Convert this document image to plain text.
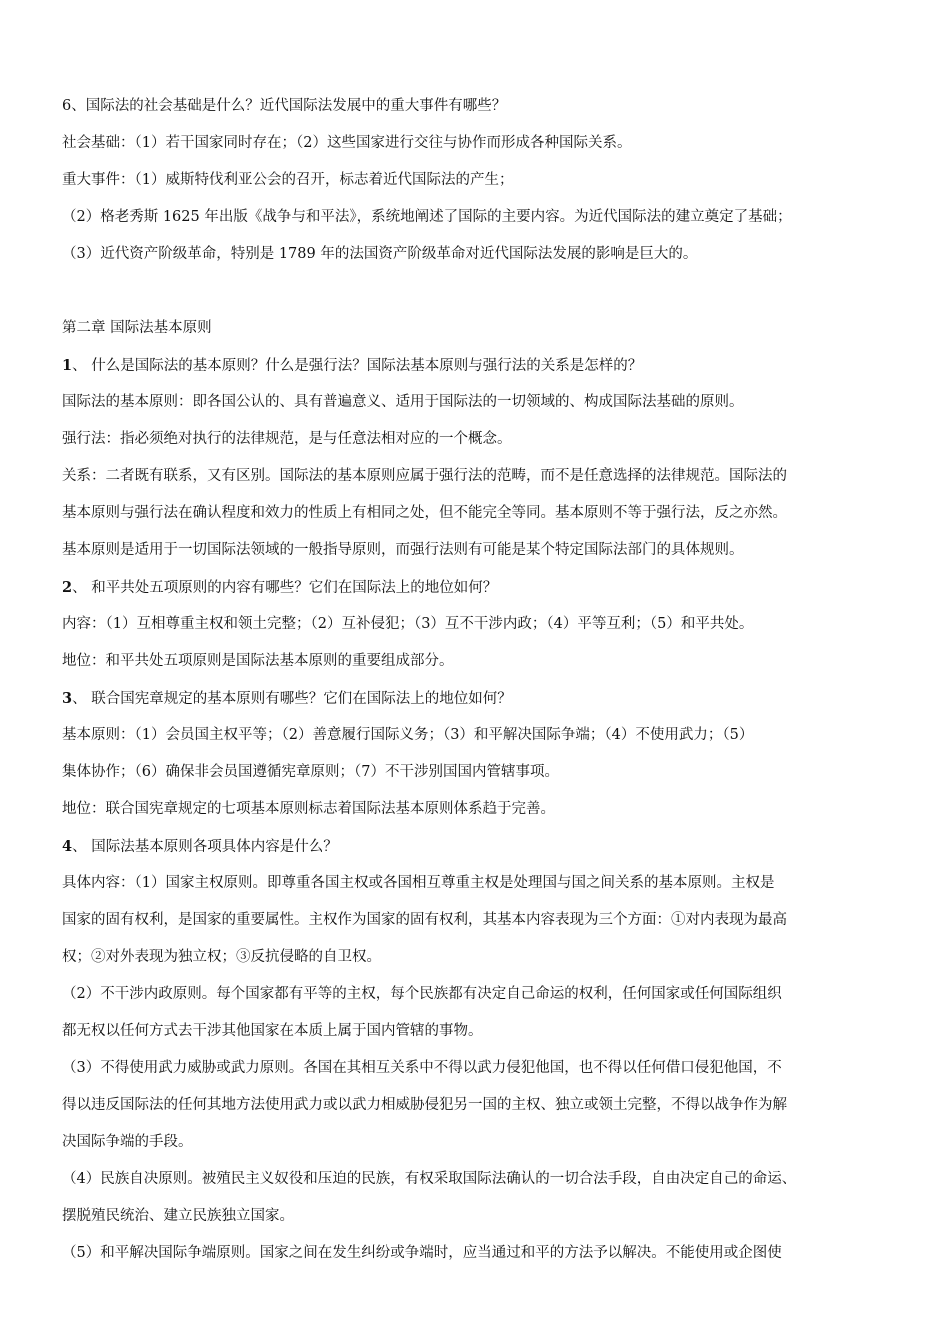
6、国际法的社会基础是什么？近代国际法发展中的重大事件有哪些？

社会基础：（1）若干国家同时存在；（2）这些国家进行交往与协作而形成各种国际关系。

重大事件：（1）威斯特伐利亚公会的召开，标志着近代国际法的产生；

（2）格老秀斯 1625 年出版《战争与和平法》，系统地阐述了国际的主要内容。为近代国际法的建立奠定了基础；

（3）近代资产阶级革命，特别是 1789 年的法国资产阶级革命对近代国际法发展的影响是巨大的。

第二章 国际法基本原则

1、 什么是国际法的基本原则？什么是强行法？国际法基本原则与强行法的关系是怎样的？

国际法的基本原则：即各国公认的、具有普遍意义、适用于国际法的一切领域的、构成国际法基础的原则。

强行法：指必须绝对执行的法律规范，是与任意法相对应的一个概念。

关系：二者既有联系，又有区别。国际法的基本原则应属于强行法的范畴，而不是任意选择的法律规范。国际法的

基本原则与强行法在确认程度和效力的性质上有相同之处，但不能完全等同。基本原则不等于强行法，反之亦然。

基本原则是适用于一切国际法领域的一般指导原则，而强行法则有可能是某个特定国际法部门的具体规则。

2、 和平共处五项原则的内容有哪些？它们在国际法上的地位如何？

内容：（1）互相尊重主权和领土完整；（2）互补侵犯；（3）互不干涉内政；（4）平等互利；（5）和平共处。

地位：和平共处五项原则是国际法基本原则的重要组成部分。

3、 联合国宪章规定的基本原则有哪些？它们在国际法上的地位如何？

基本原则：（1）会员国主权平等；（2）善意履行国际义务；（3）和平解决国际争端；（4）不使用武力；（5）

集体协作；（6）确保非会员国遵循宪章原则；（7）不干涉别国国内管辖事项。

地位：联合国宪章规定的七项基本原则标志着国际法基本原则体系趋于完善。

4、 国际法基本原则各项具体内容是什么？

具体内容：（1）国家主权原则。即尊重各国主权或各国相互尊重主权是处理国与国之间关系的基本原则。主权是

国家的固有权利，是国家的重要属性。主权作为国家的固有权利，其基本内容表现为三个方面：①对内表现为最高

权；②对外表现为独立权；③反抗侵略的自卫权。

（2）不干涉内政原则。每个国家都有平等的主权，每个民族都有决定自己命运的权利，任何国家或任何国际组织

都无权以任何方式去干涉其他国家在本质上属于国内管辖的事物。

（3）不得使用武力威胁或武力原则。各国在其相互关系中不得以武力侵犯他国，也不得以任何借口侵犯他国，不

得以违反国际法的任何其地方法使用武力或以武力相威胁侵犯另一国的主权、独立或领土完整，不得以战争作为解

决国际争端的手段。

（4）民族自决原则。被殖民主义奴役和压迫的民族，有权采取国际法确认的一切合法手段，自由决定自己的命运、

摆脱殖民统治、建立民族独立国家。

（5）和平解决国际争端原则。国家之间在发生纠纷或争端时，应当通过和平的方法予以解决。不能使用或企图使
